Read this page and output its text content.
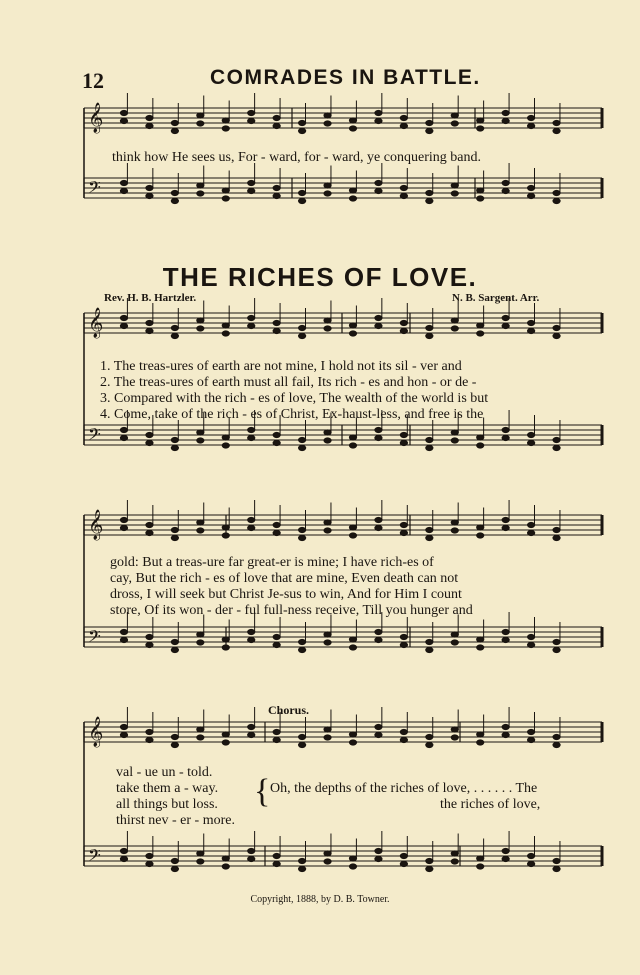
12	COMRADES IN BATTLE.
𝄞
𝄢
𝄞
𝄢
𝄞
𝄢
𝄞
𝄢
think how He sees us, For - ward, for - ward, ye conquering band.
THE RICHES OF LOVE.
Rev. H. B. Hartzler.	N. B. Sargent. Arr.
1. The treas-ures of earth are not mine, I hold not its sil - ver and
2. The treas-ures of earth must all fail, Its rich - es and hon - or de -
3. Compared with the rich - es of love, The wealth of the world is but
4. Come, take of the rich - es of Christ, Ex-haust-less, and free is the
gold: But a treas-ure far great-er is mine; I have rich-es of
cay, But the rich - es of love that are mine, Even death can not
dross, I will seek but Christ Je-sus to win, And for Him I count
store, Of its won - der - ful full-ness receive, Till you hunger and
Chorus.
val - ue un - told.
take them a - way.
all things but loss.
thirst nev - er - more.
{ Oh, the depths of the riches of love, . . . . . . The
the riches of love,
Copyright, 1888, by D. B. Towner.
